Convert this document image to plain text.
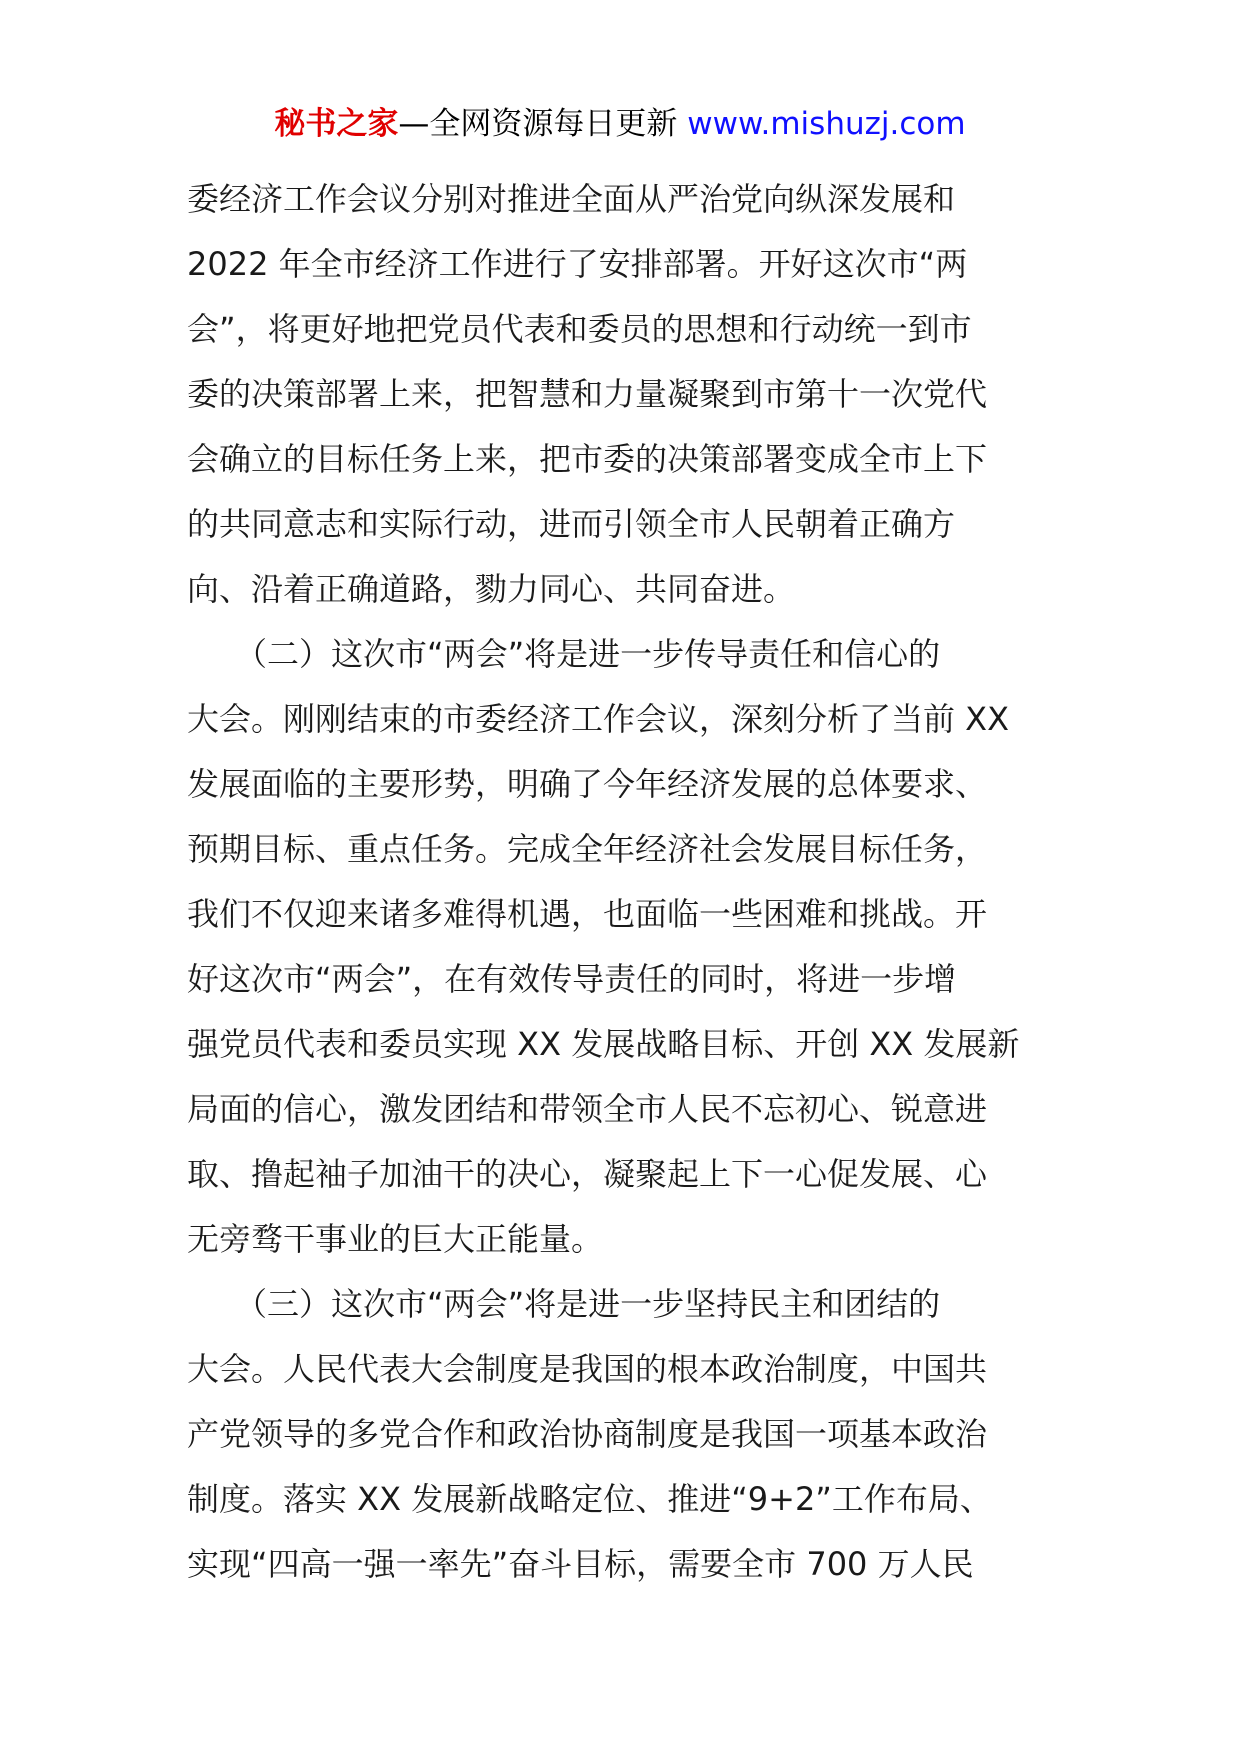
秘书之家—全网资源每日更新 www.mishuzj.com
委经济工作会议分别对推进全面从严治党向纵深发展和
2022 年全市经济工作进行了安排部署。开好这次市“两
会”，将更好地把党员代表和委员的思想和行动统一到市
委的决策部署上来，把智慧和力量凝聚到市第十一次党代
会确立的目标任务上来，把市委的决策部署变成全市上下
的共同意志和实际行动，进而引领全市人民朝着正确方
向、沿着正确道路，勠力同心、共同奋进。
　　（二）这次市“两会”将是进一步传导责任和信心的
大会。刚刚结束的市委经济工作会议，深刻分析了当前 XX
发展面临的主要形势，明确了今年经济发展的总体要求、
预期目标、重点任务。完成全年经济社会发展目标任务，
我们不仅迎来诸多难得机遇，也面临一些困难和挑战。开
好这次市“两会”，在有效传导责任的同时，将进一步增
强党员代表和委员实现 XX 发展战略目标、开创 XX 发展新
局面的信心，激发团结和带领全市人民不忘初心、锐意进
取、撸起袖子加油干的决心，凝聚起上下一心促发展、心
无旁骛干事业的巨大正能量。
　　（三）这次市“两会”将是进一步坚持民主和团结的
大会。人民代表大会制度是我国的根本政治制度，中国共
产党领导的多党合作和政治协商制度是我国一项基本政治
制度。落实 XX 发展新战略定位、推进“9+2”工作布局、
实现“四高一强一率先”奋斗目标，需要全市 700 万人民
